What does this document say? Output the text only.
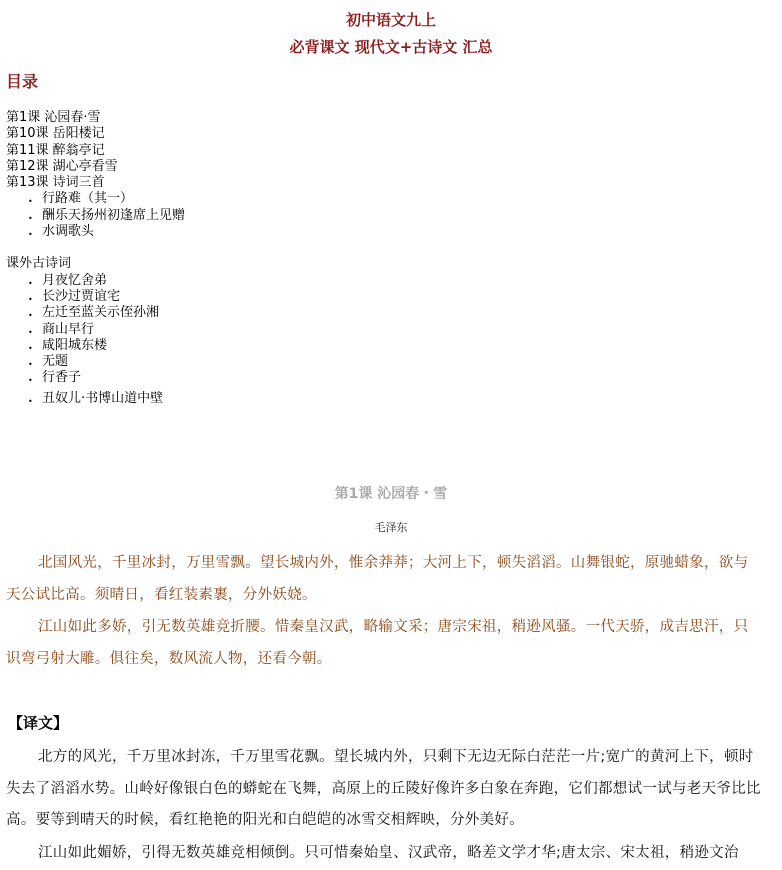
初中语文九上
必背课文 现代文+古诗文 汇总
目录
第1课 沁园春·雪
第10课 岳阳楼记
第11课 醉翁亭记
第12课 湖心亭看雪
第13课 诗词三首
• 行路难（其一）
• 酬乐天扬州初逢席上见赠
• 水调歌头
课外古诗词
• 月夜忆舍弟
• 长沙过贾谊宅
• 左迁至蓝关示侄孙湘
• 商山早行
• 咸阳城东楼
• 无题
• 行香子
• 丑奴儿·书博山道中壁
第1课 沁园春・雪
毛泽东
北国风光，千里冰封，万里雪飘。望长城内外，惟余莽莽；大河上下，顿失滔滔。山舞银蛇，原驰蜡象，欲与天公试比高。须晴日，看红装素裹，分外妖娆。
江山如此多娇，引无数英雄竞折腰。惜秦皇汉武，略输文采；唐宗宋祖，稍逊风骚。一代天骄，成吉思汗，只识弯弓射大雕。俱往矣，数风流人物，还看今朝。
【译文】
北方的风光，千万里冰封冻，千万里雪花飘。望长城内外，只剩下无边无际白茫茫一片;宽广的黄河上下，顿时失去了滔滔水势。山岭好像银白色的蟒蛇在飞舞，高原上的丘陵好像许多白象在奔跑，它们都想试一试与老天爷比比高。要等到晴天的时候，看红艳艳的阳光和白皑皑的冰雪交相辉映，分外美好。
江山如此媚娇，引得无数英雄竞相倾倒。只可惜秦始皇、汉武帝，略差文学才华;唐太宗、宋太祖，稍逊文治
